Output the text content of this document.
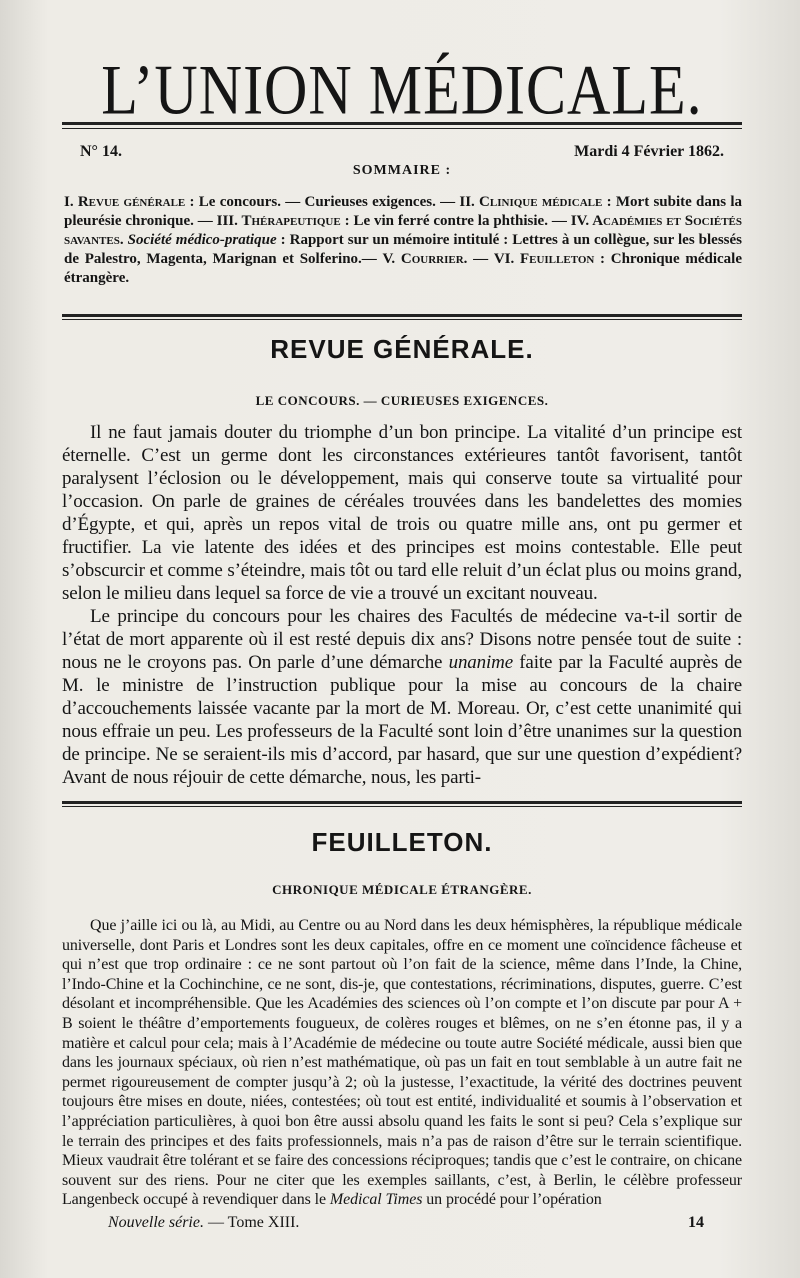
L’UNION MÉDICALE.
N° 14.	Mardi 4 Février 1862.
SOMMAIRE :
I. Revue générale : Le concours. — Curieuses exigences. — II. Clinique médicale : Mort subite dans la pleurésie chronique. — III. Thérapeutique : Le vin ferré contre la phthisie. — IV. Académies et Sociétés savantes. Société médico-pratique : Rapport sur un mémoire intitulé : Lettres à un collègue, sur les blessés de Palestro, Magenta, Marignan et Solferino.— V. Courrier. — VI. Feuilleton : Chronique médicale étrangère.
REVUE GÉNÉRALE.
LE CONCOURS. — CURIEUSES EXIGENCES.

Il ne faut jamais douter du triomphe d’un bon principe. La vitalité d’un principe est éternelle. C’est un germe dont les circonstances extérieures tantôt favorisent, tantôt paralysent l’éclosion ou le développement, mais qui conserve toute sa virtualité pour l’occasion. On parle de graines de céréales trouvées dans les bandelettes des momies d’Égypte, et qui, après un repos vital de trois ou quatre mille ans, ont pu germer et fructifier. La vie latente des idées et des principes est moins contestable. Elle peut s’obscurcir et comme s’éteindre, mais tôt ou tard elle reluit d’un éclat plus ou moins grand, selon le milieu dans lequel sa force de vie a trouvé un excitant nouveau.

Le principe du concours pour les chaires des Facultés de médecine va-t-il sortir de l’état de mort apparente où il est resté depuis dix ans? Disons notre pensée tout de suite : nous ne le croyons pas. On parle d’une démarche unanime faite par la Faculté auprès de M. le ministre de l’instruction publique pour la mise au concours de la chaire d’accouchements laissée vacante par la mort de M. Moreau. Or, c’est cette unanimité qui nous effraie un peu. Les professeurs de la Faculté sont loin d’être unanimes sur la question de principe. Ne se seraient-ils mis d’accord, par hasard, que sur une question d’expédient? Avant de nous réjouir de cette démarche, nous, les parti-

FEUILLETON.
CHRONIQUE MÉDICALE ÉTRANGÈRE.

Que j’aille ici ou là, au Midi, au Centre ou au Nord dans les deux hémisphères, la république médicale universelle, dont Paris et Londres sont les deux capitales, offre en ce moment une coïncidence fâcheuse et qui n’est que trop ordinaire : ce ne sont partout où l’on fait de la science, même dans l’Inde, la Chine, l’Indo-Chine et la Cochinchine, ce ne sont, dis-je, que contestations, récriminations, disputes, guerre. C’est désolant et incompréhensible. Que les Académies des sciences où l’on compte et l’on discute par pour A + B soient le théâtre d’emportements fougueux, de colères rouges et blêmes, on ne s’en étonne pas, il y a matière et calcul pour cela; mais à l’Académie de médecine ou toute autre Société médicale, aussi bien que dans les journaux spéciaux, où rien n’est mathématique, où pas un fait en tout semblable à un autre fait ne permet rigoureusement de compter jusqu’à 2; où la justesse, l’exactitude, la vérité des doctrines peuvent toujours être mises en doute, niées, contestées; où tout est entité, individualité et soumis à l’observation et l’appréciation particulières, à quoi bon être aussi absolu quand les faits le sont si peu? Cela s’explique sur le terrain des principes et des faits professionnels, mais n’a pas de raison d’être sur le terrain scientifique. Mieux vaudrait être tolérant et se faire des concessions réciproques; tandis que c’est le contraire, on chicane souvent sur des riens. Pour ne citer que les exemples saillants, c’est, à Berlin, le célèbre professeur Langenbeck occupé à revendiquer dans le Medical Times un procédé pour l’opération

Nouvelle série. — Tome XIII.	14
